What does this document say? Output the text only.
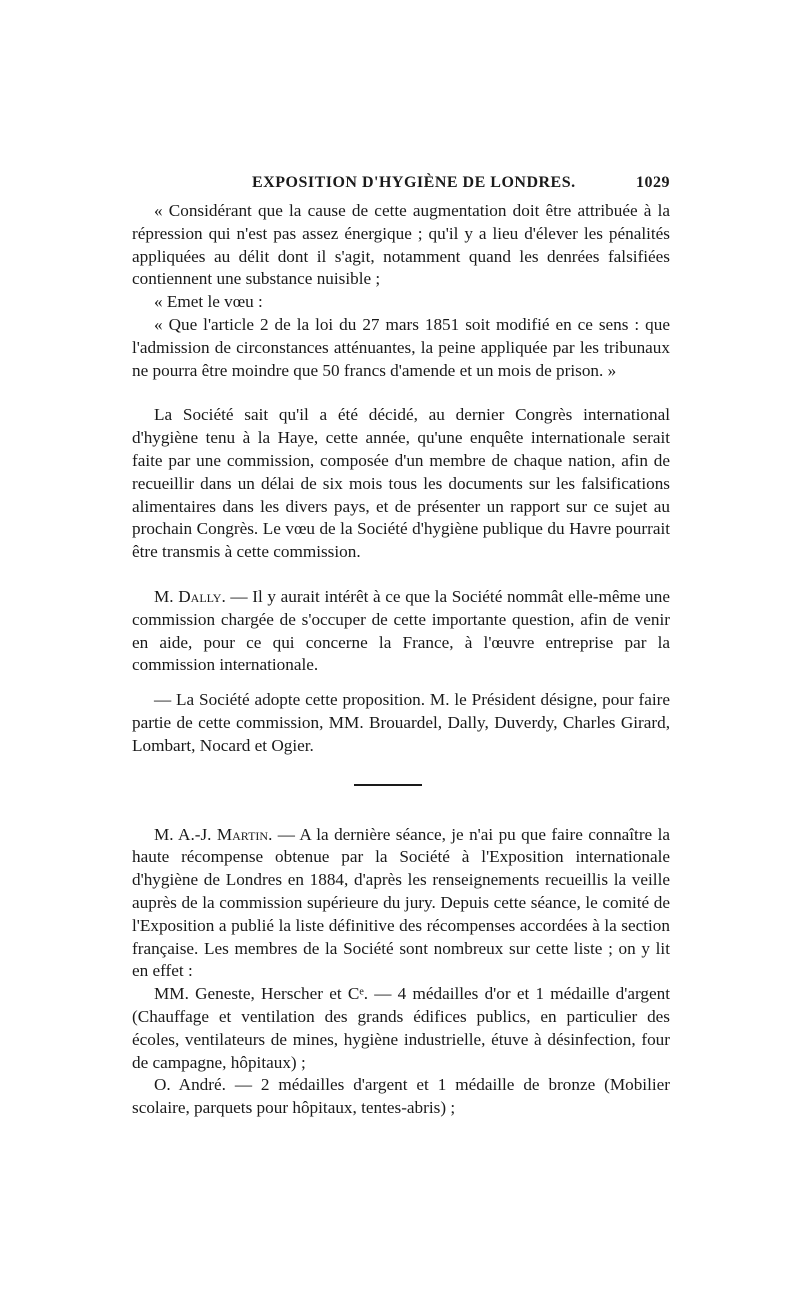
EXPOSITION D'HYGIÈNE DE LONDRES.	1029

« Considérant que la cause de cette augmentation doit être attribuée à la répression qui n'est pas assez énergique ; qu'il y a lieu d'élever les pénalités appliquées au délit dont il s'agit, notamment quand les denrées falsifiées contiennent une substance nuisible ;

« Emet le vœu :

« Que l'article 2 de la loi du 27 mars 1851 soit modifié en ce sens : que l'admission de circonstances atténuantes, la peine appliquée par les tribunaux ne pourra être moindre que 50 francs d'amende et un mois de prison. »

La Société sait qu'il a été décidé, au dernier Congrès international d'hygiène tenu à la Haye, cette année, qu'une enquête internationale serait faite par une commission, composée d'un membre de chaque nation, afin de recueillir dans un délai de six mois tous les documents sur les falsifications alimentaires dans les divers pays, et de présenter un rapport sur ce sujet au prochain Congrès. Le vœu de la Société d'hygiène publique du Havre pourrait être transmis à cette commission.

M. Dally. — Il y aurait intérêt à ce que la Société nommât elle-même une commission chargée de s'occuper de cette importante question, afin de venir en aide, pour ce qui concerne la France, à l'œuvre entreprise par la commission internationale.

— La Société adopte cette proposition. M. le Président désigne, pour faire partie de cette commission, MM. Brouardel, Dally, Duverdy, Charles Girard, Lombart, Nocard et Ogier.

M. A.-J. Martin. — A la dernière séance, je n'ai pu que faire connaître la haute récompense obtenue par la Société à l'Exposition internationale d'hygiène de Londres en 1884, d'après les renseignements recueillis la veille auprès de la commission supérieure du jury. Depuis cette séance, le comité de l'Exposition a publié la liste définitive des récompenses accordées à la section française. Les membres de la Société sont nombreux sur cette liste ; on y lit en effet :

MM. Geneste, Herscher et Cᵉ. — 4 médailles d'or et 1 médaille d'argent (Chauffage et ventilation des grands édifices publics, en particulier des écoles, ventilateurs de mines, hygiène industrielle, étuve à désinfection, four de campagne, hôpitaux) ;

O. André. — 2 médailles d'argent et 1 médaille de bronze (Mobilier scolaire, parquets pour hôpitaux, tentes-abris) ;
